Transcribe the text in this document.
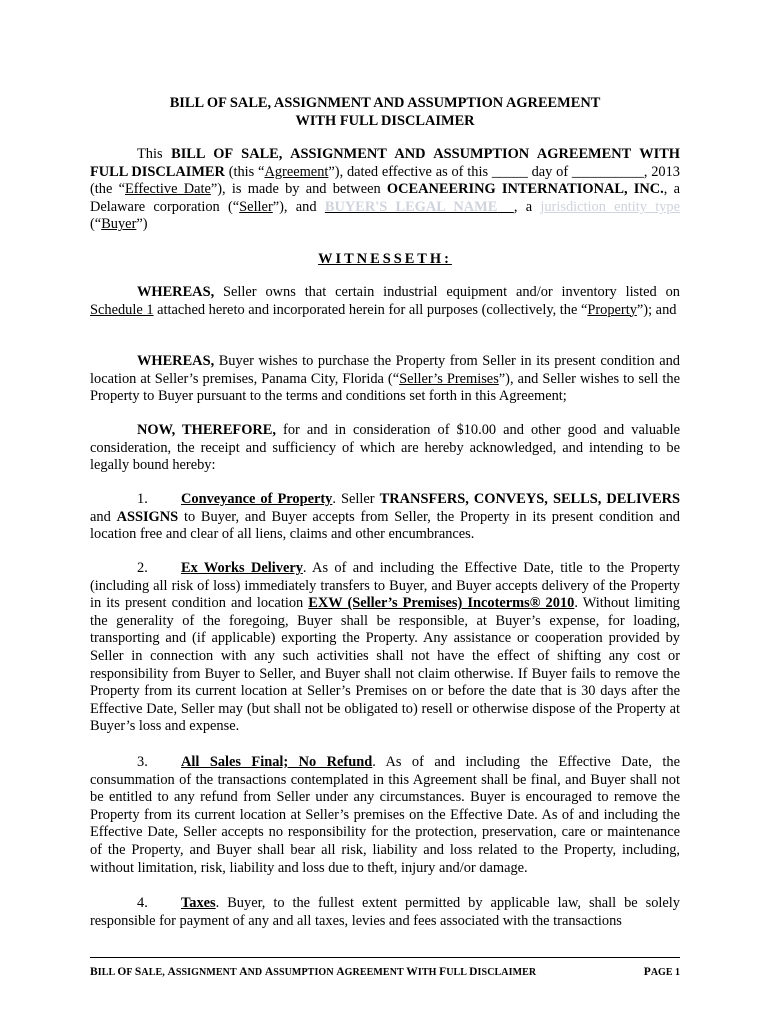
BILL OF SALE, ASSIGNMENT AND ASSUMPTION AGREEMENT
WITH FULL DISCLAIMER
This BILL OF SALE, ASSIGNMENT AND ASSUMPTION AGREEMENT WITH FULL DISCLAIMER (this “Agreement”), dated effective as of this _____ day of __________, 2013 (the “Effective Date”), is made by and between OCEANEERING INTERNATIONAL, INC., a Delaware corporation (“Seller”), and BUYER'S LEGAL NAME , a jurisdiction entity type (“Buyer”)
WITNESSETH:
WHEREAS, Seller owns that certain industrial equipment and/or inventory listed on Schedule 1 attached hereto and incorporated herein for all purposes (collectively, the “Property”); and
WHEREAS, Buyer wishes to purchase the Property from Seller in its present condition and location at Seller’s premises, Panama City, Florida (“Seller’s Premises”), and Seller wishes to sell the Property to Buyer pursuant to the terms and conditions set forth in this Agreement;
NOW, THEREFORE, for and in consideration of $10.00 and other good and valuable consideration, the receipt and sufficiency of which are hereby acknowledged, and intending to be legally bound hereby:
1. Conveyance of Property. Seller TRANSFERS, CONVEYS, SELLS, DELIVERS and ASSIGNS to Buyer, and Buyer accepts from Seller, the Property in its present condition and location free and clear of all liens, claims and other encumbrances.
2. Ex Works Delivery. As of and including the Effective Date, title to the Property (including all risk of loss) immediately transfers to Buyer, and Buyer accepts delivery of the Property in its present condition and location EXW (Seller’s Premises) Incoterms® 2010. Without limiting the generality of the foregoing, Buyer shall be responsible, at Buyer’s expense, for loading, transporting and (if applicable) exporting the Property. Any assistance or cooperation provided by Seller in connection with any such activities shall not have the effect of shifting any cost or responsibility from Buyer to Seller, and Buyer shall not claim otherwise. If Buyer fails to remove the Property from its current location at Seller’s Premises on or before the date that is 30 days after the Effective Date, Seller may (but shall not be obligated to) resell or otherwise dispose of the Property at Buyer’s loss and expense.
3. All Sales Final; No Refund. As of and including the Effective Date, the consummation of the transactions contemplated in this Agreement shall be final, and Buyer shall not be entitled to any refund from Seller under any circumstances. Buyer is encouraged to remove the Property from its current location at Seller’s premises on the Effective Date. As of and including the Effective Date, Seller accepts no responsibility for the protection, preservation, care or maintenance of the Property, and Buyer shall bear all risk, liability and loss related to the Property, including, without limitation, risk, liability and loss due to theft, injury and/or damage.
4. Taxes. Buyer, to the fullest extent permitted by applicable law, shall be solely responsible for payment of any and all taxes, levies and fees associated with the transactions
BILL OF SALE, ASSIGNMENT AND ASSUMPTION AGREEMENT WITH FULL DISCLAIMER	PAGE 1
